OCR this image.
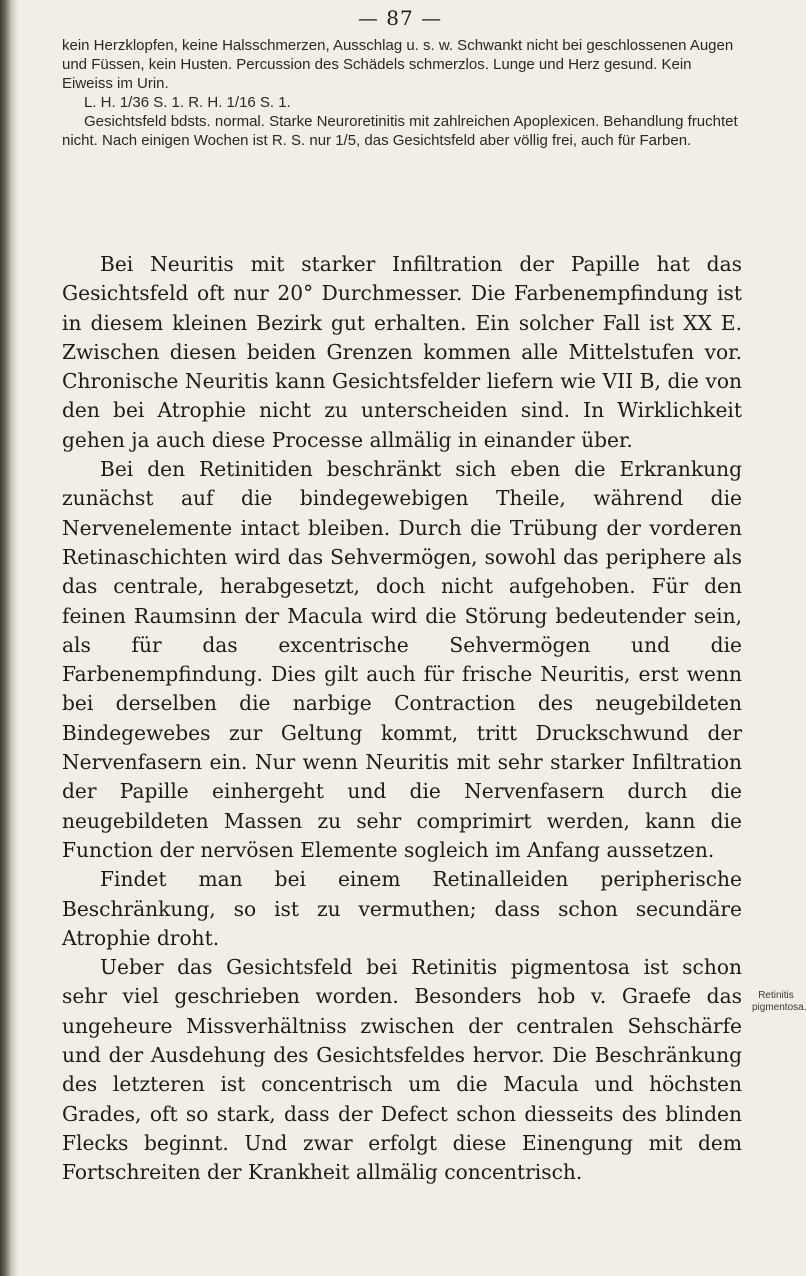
— 87 —

kein Herzklopfen, keine Halsschmerzen, Ausschlag u. s. w. Schwankt nicht bei geschlossenen Augen und Füssen, kein Husten. Percussion des Schädels schmerzlos. Lunge und Herz gesund. Kein Eiweiss im Urin.

L. H. 1/36 S. 1. R. H. 1/16 S. 1.

Gesichtsfeld bdsts. normal. Starke Neuroretinitis mit zahlreichen Apoplexicen. Behandlung fruchtet nicht. Nach einigen Wochen ist R. S. nur 1/5, das Gesichtsfeld aber völlig frei, auch für Farben.

Bei Neuritis mit starker Infiltration der Papille hat das Gesichtsfeld oft nur 20° Durchmesser. Die Farbenempfindung ist in diesem kleinen Bezirk gut erhalten. Ein solcher Fall ist XX E. Zwischen diesen beiden Grenzen kommen alle Mittelstufen vor. Chronische Neuritis kann Gesichtsfelder liefern wie VII B, die von den bei Atrophie nicht zu unterscheiden sind. In Wirklichkeit gehen ja auch diese Processe allmälig in einander über.

Bei den Retinitiden beschränkt sich eben die Erkrankung zunächst auf die bindegewebigen Theile, während die Nervenelemente intact bleiben. Durch die Trübung der vorderen Retinaschichten wird das Sehvermögen, sowohl das periphere als das centrale, herabgesetzt, doch nicht aufgehoben. Für den feinen Raumsinn der Macula wird die Störung bedeutender sein, als für das excentrische Sehvermögen und die Farbenempfindung. Dies gilt auch für frische Neuritis, erst wenn bei derselben die narbige Contraction des neugebildeten Bindegewebes zur Geltung kommt, tritt Druckschwund der Nervenfasern ein. Nur wenn Neuritis mit sehr starker Infiltration der Papille einhergeht und die Nervenfasern durch die neugebildeten Massen zu sehr comprimirt werden, kann die Function der nervösen Elemente sogleich im Anfang aussetzen.

Findet man bei einem Retinalleiden peripherische Beschränkung, so ist zu vermuthen; dass schon secundäre Atrophie droht.

Ueber das Gesichtsfeld bei Retinitis pigmentosa ist schon sehr viel geschrieben worden. Besonders hob v. Graefe das ungeheure Missverhältniss zwischen der centralen Sehschärfe und der Ausdehung des Gesichtsfeldes hervor. Die Beschränkung des letzteren ist concentrisch um die Macula und höchsten Grades, oft so stark, dass der Defect schon diesseits des blinden Flecks beginnt. Und zwar erfolgt diese Einengung mit dem Fortschreiten der Krankheit allmälig concentrisch.

Retinitis pigmentosa.
